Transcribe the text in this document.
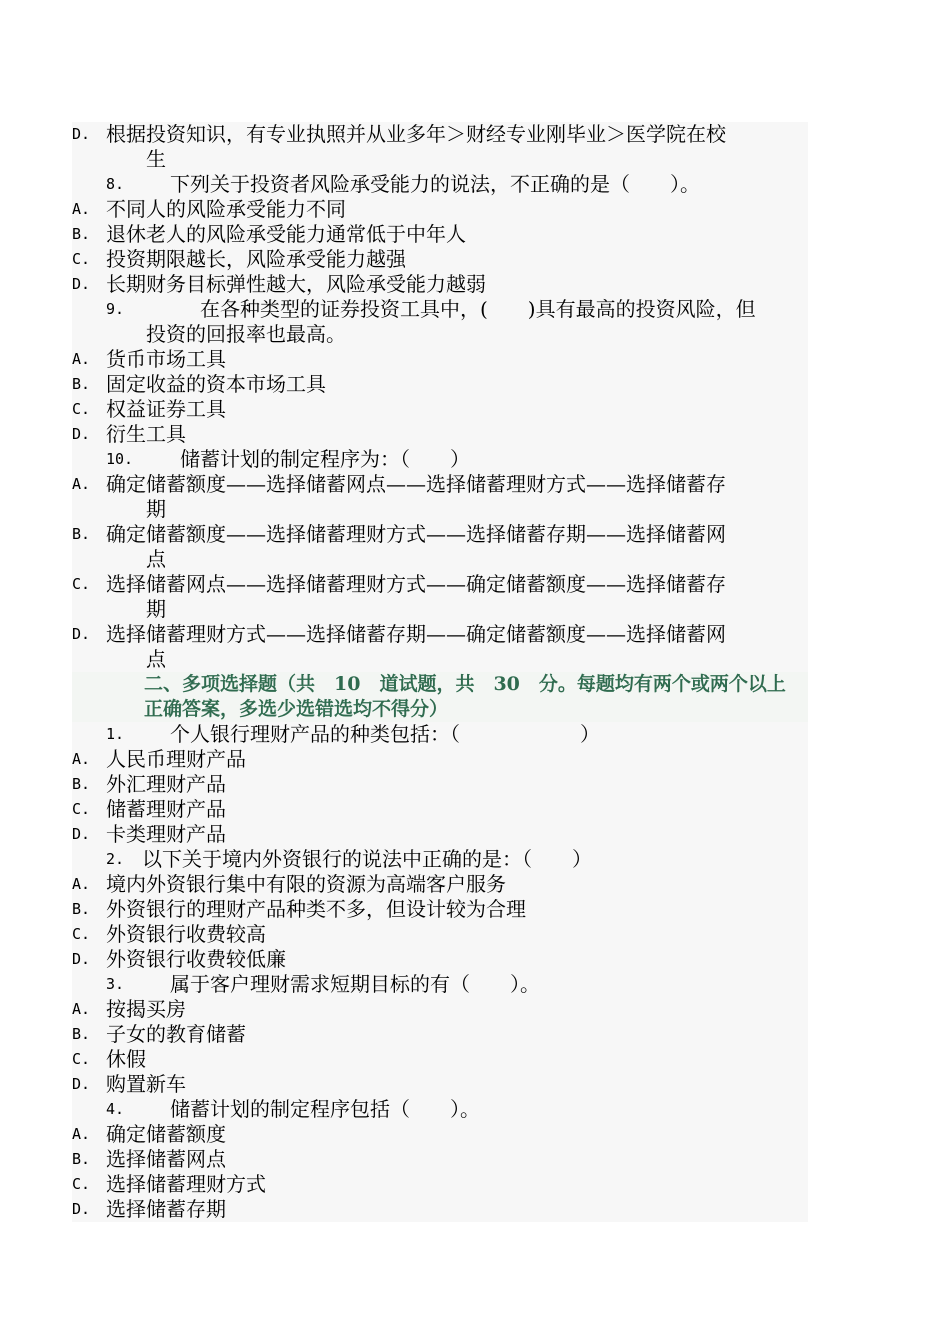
D. 根据投资知识，有专业执照并从业多年＞财经专业刚毕业＞医学院在校
生
8. 下列关于投资者风险承受能力的说法，不正确的是（　　）。
A. 不同人的风险承受能力不同
B. 退休老人的风险承受能力通常低于中年人
C. 投资期限越长，风险承受能力越强
D. 长期财务目标弹性越大，风险承受能力越弱
9.	在各种类型的证券投资工具中，(　　)具有最高的投资风险，但
投资的回报率也最高。
A. 货币市场工具
B. 固定收益的资本市场工具
C. 权益证券工具
D. 衍生工具
10. 储蓄计划的制定程序为：（　　）
A. 确定储蓄额度——选择储蓄网点——选择储蓄理财方式——选择储蓄存
期
B. 确定储蓄额度——选择储蓄理财方式——选择储蓄存期——选择储蓄网
点
C. 选择储蓄网点——选择储蓄理财方式——确定储蓄额度——选择储蓄存
期
D. 选择储蓄理财方式——选择储蓄存期——确定储蓄额度——选择储蓄网
点
二、多项选择题（共　10　道试题，共　30　分。每题均有两个或两个以上
正确答案，多选少选错选均不得分）
1. 个人银行理财产品的种类包括：（　　　　　　）
A. 人民币理财产品
B. 外汇理财产品
C. 储蓄理财产品
D. 卡类理财产品
2. 以下关于境内外资银行的说法中正确的是：（　　）
A. 境内外资银行集中有限的资源为高端客户服务
B. 外资银行的理财产品种类不多，但设计较为合理
C. 外资银行收费较高
D. 外资银行收费较低廉
3. 属于客户理财需求短期目标的有（　　）。
A. 按揭买房
B. 子女的教育储蓄
C. 休假
D. 购置新车
4. 储蓄计划的制定程序包括（　　）。
A. 确定储蓄额度
B. 选择储蓄网点
C. 选择储蓄理财方式
D. 选择储蓄存期
